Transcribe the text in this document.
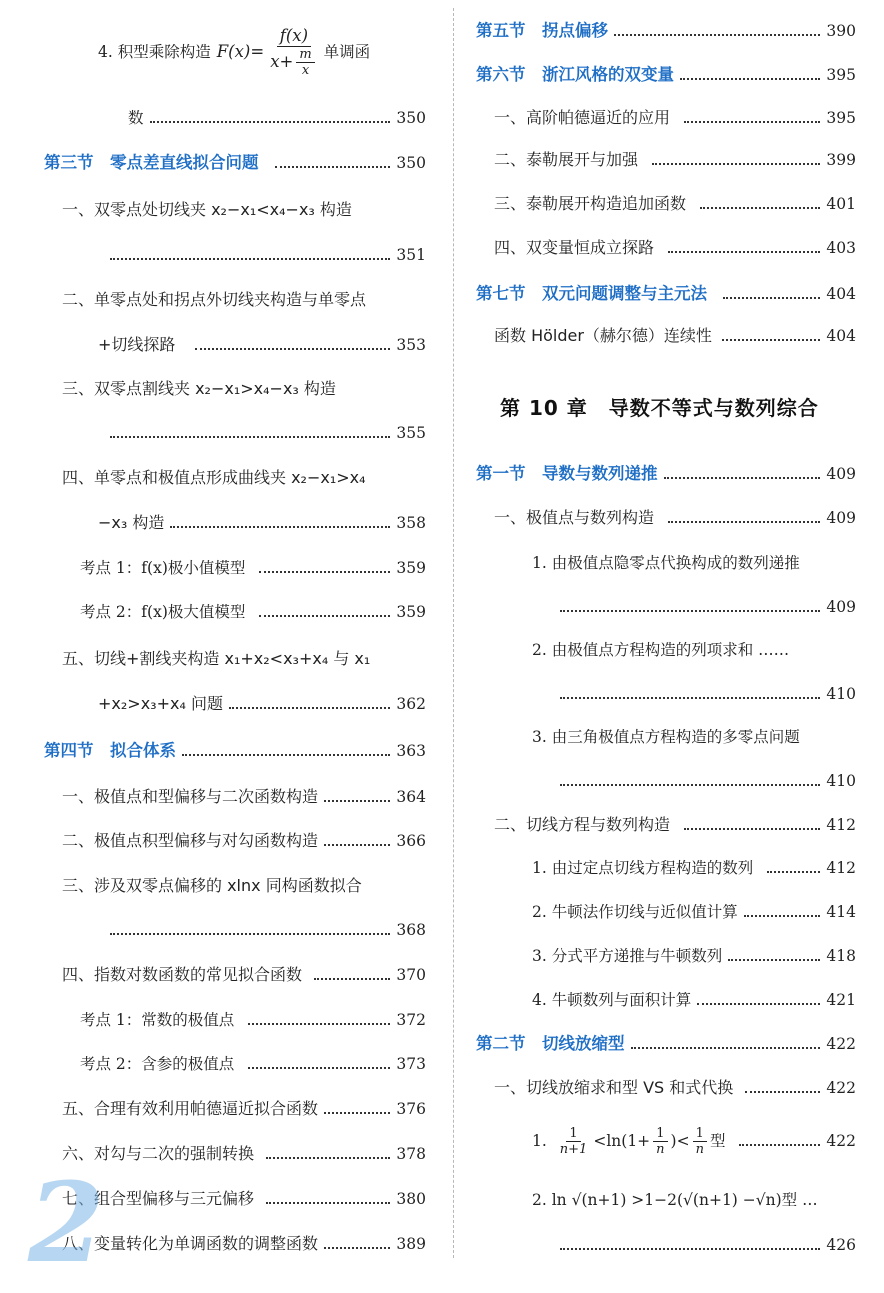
4. 积型乘除构造 $F(x)= \frac{f(x)}{x+ \frac{m}{x}}$ 单调函
数	350
第三节　零点差直线拟合问题	350
一、双零点处切线夹 x₂−x₁<x₄−x₃ 构造
351
二、单零点处和拐点外切线夹构造与单零点
+切线探路	353
三、双零点割线夹 x₂−x₁>x₄−x₃ 构造
355
四、单零点和极值点形成曲线夹 x₂−x₁>x₄
−x₃ 构造	358
考点 1：f(x)极小值模型	359
考点 2：f(x)极大值模型	359
五、切线+割线夹构造 x₁+x₂<x₃+x₄ 与 x₁
+x₂>x₃+x₄ 问题	362
第四节　拟合体系	363
一、极值点和型偏移与二次函数构造	364
二、极值点积型偏移与对勾函数构造	366
三、涉及双零点偏移的 xlnx 同构函数拟合
368
四、指数对数函数的常见拟合函数	370
考点 1：常数的极值点	372
考点 2：含参的极值点	373
五、合理有效利用帕德逼近拟合函数	376
六、对勾与二次的强制转换	378
七、组合型偏移与三元偏移	380
八、变量转化为单调函数的调整函数	389
2
第五节　拐点偏移	390
第六节　浙江风格的双变量	395
一、高阶帕德逼近的应用	395
二、泰勒展开与加强	399
三、泰勒展开构造追加函数	401
四、双变量恒成立探路	403
第七节　双元问题调整与主元法	404
函数 Hölder（赫尔德）连续性	404
第 10 章　导数不等式与数列综合
第一节　导数与数列递推	409
一、极值点与数列构造	409
1. 由极值点隐零点代换构成的数列递推
409
2. 由极值点方程构造的列项求和 ……
410
3. 由三角极值点方程构造的多零点问题
410
二、切线方程与数列构造	412
1. 由过定点切线方程构造的数列	412
2. 牛顿法作切线与近似值计算	414
3. 分式平方递推与牛顿数列	418
4. 牛顿数列与面积计算	421
第二节　切线放缩型	422
一、切线放缩求和型 VS 和式代换	422
1. $\frac{1}{n+1} <\ln(1+ \frac{1}{n}$ )< $\frac{1}{n}$ 型	422
2. ln √(n+1) >1−2(√(n+1) −√n)型 …
426
